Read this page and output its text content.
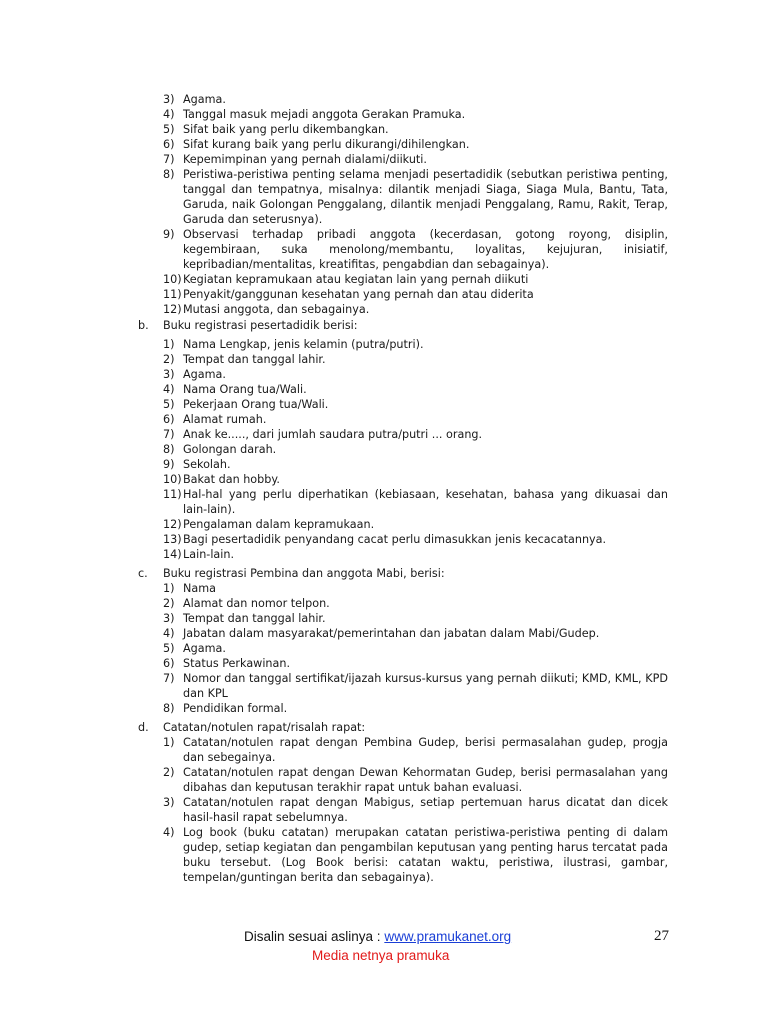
3) Agama.
4) Tanggal masuk mejadi anggota Gerakan Pramuka.
5) Sifat baik yang perlu dikembangkan.
6) Sifat kurang baik yang perlu dikurangi/dihilengkan.
7) Kepemimpinan yang pernah dialami/diikuti.
8) Peristiwa-peristiwa penting selama menjadi pesertadidik (sebutkan peristiwa penting, tanggal dan tempatnya, misalnya: dilantik menjadi Siaga, Siaga Mula, Bantu, Tata, Garuda, naik Golongan Penggalang, dilantik menjadi Penggalang, Ramu, Rakit, Terap, Garuda dan seterusnya).
9) Observasi terhadap pribadi anggota (kecerdasan, gotong royong, disiplin, kegembiraan, suka menolong/membantu, loyalitas, kejujuran, inisiatif, kepribadian/mentalitas, kreatifitas, pengabdian dan sebagainya).
10) Kegiatan kepramukaan atau kegiatan lain yang pernah diikuti
11) Penyakit/ganggunan kesehatan yang pernah dan atau diderita
12) Mutasi anggota, dan sebagainya.
b.	Buku registrasi pesertadidik berisi:
1) Nama Lengkap, jenis kelamin (putra/putri).
2) Tempat dan tanggal lahir.
3) Agama.
4) Nama Orang tua/Wali.
5) Pekerjaan Orang tua/Wali.
6) Alamat rumah.
7) Anak ke....., dari jumlah saudara putra/putri ... orang.
8) Golongan darah.
9) Sekolah.
10) Bakat dan hobby.
11) Hal-hal yang perlu diperhatikan (kebiasaan, kesehatan, bahasa yang dikuasai dan lain-lain).
12) Pengalaman dalam kepramukaan.
13) Bagi pesertadidik penyandang cacat perlu dimasukkan jenis kecacatannya.
14) Lain-lain.
c.	Buku registrasi Pembina dan anggota Mabi, berisi:
1) Nama
2) Alamat dan nomor telpon.
3) Tempat dan tanggal lahir.
4) Jabatan dalam masyarakat/pemerintahan dan jabatan dalam Mabi/Gudep.
5) Agama.
6) Status Perkawinan.
7) Nomor dan tanggal sertifikat/ijazah kursus-kursus yang pernah diikuti; KMD, KML, KPD dan KPL
8) Pendidikan formal.
d.	Catatan/notulen rapat/risalah rapat:
1) Catatan/notulen rapat dengan Pembina Gudep, berisi permasalahan gudep, progja dan sebegainya.
2) Catatan/notulen rapat dengan Dewan Kehormatan Gudep, berisi permasalahan yang dibahas dan keputusan terakhir rapat untuk bahan evaluasi.
3) Catatan/notulen rapat dengan Mabigus, setiap pertemuan harus dicatat dan dicek hasil-hasil rapat sebelumnya.
4) Log book (buku catatan) merupakan catatan peristiwa-peristiwa penting di dalam gudep, setiap kegiatan dan pengambilan keputusan yang penting harus tercatat pada buku tersebut. (Log Book berisi: catatan waktu, peristiwa, ilustrasi, gambar, tempelan/guntingan berita dan sebagainya).
Disalin sesuai aslinya : www.pramukanet.org
Media netnya pramuka
27
